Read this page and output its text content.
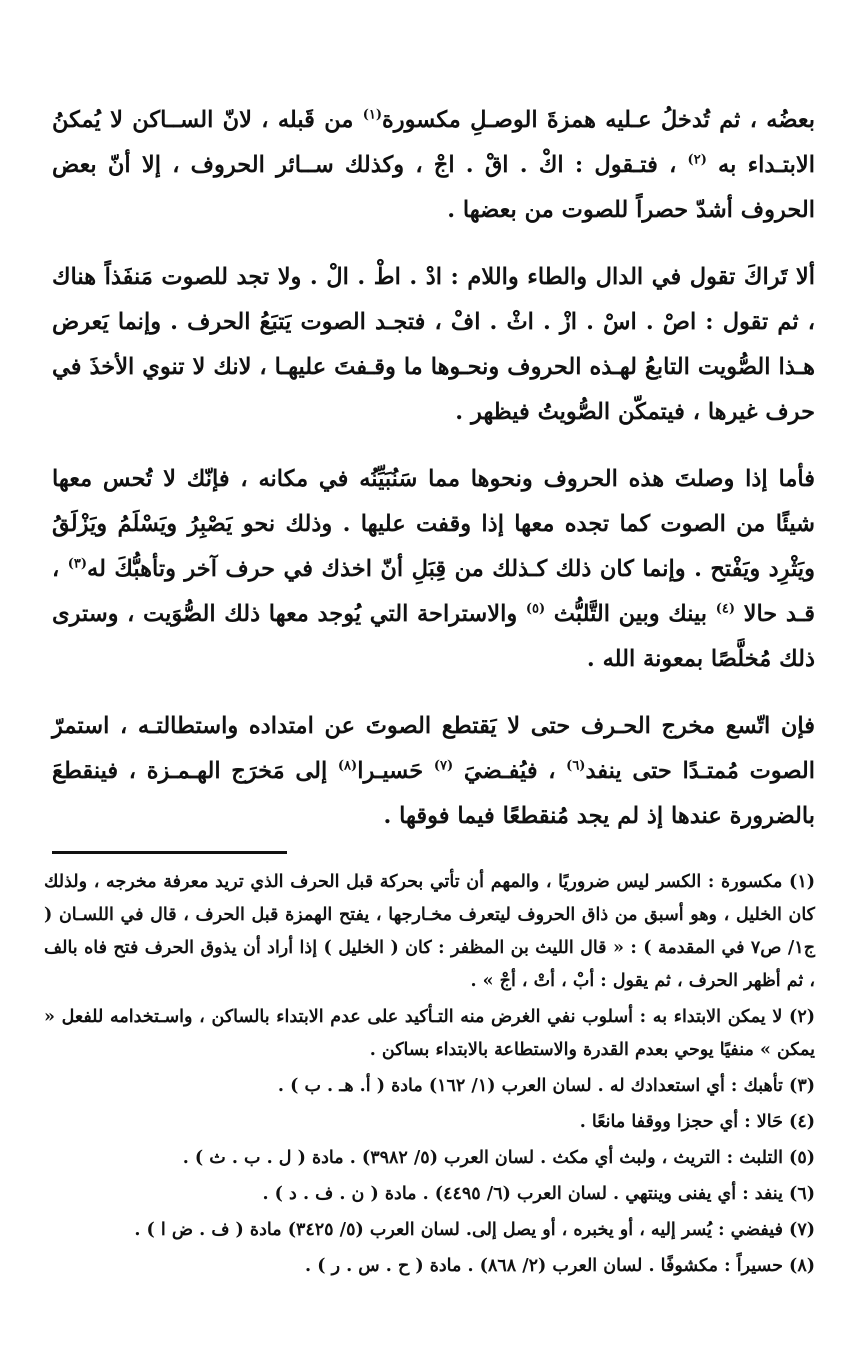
بعضُه ، ثم تُدخلُ عـليه همزةَ الوصـلِ مكسورة$^{(١)}$ من قَبله ، لانّ الســاكن لا يُمكنُ الابتـداء به $^{(٢)}$ ، فتـقول : اكْ . اقْ . اجْ ، وكذلك ســائر الحروف ، إلا أنّ بعض الحروف أشدّ حصراً للصوت من بعضها .

ألا تَراكَ تقول في الدال والطاء واللام : ادْ . اطْ . الْ . ولا تجد للصوت مَنفَذاً هناك ، ثم تقول : اصْ . اسْ . ازْ . اثْ . افْ ، فتجـد الصوت يَتبَعُ الحرف . وإنما يَعرض هـذا الصُّويت التابعُ لهـذه الحروف ونحـوها ما وقـفتَ عليهـا ، لانك لا تنوي الأخذَ في حرف غيرها ، فيتمكّن الصُّويتُ فيظهر .

فأما إذا وصلتَ هذه الحروف ونحوها مما سَنُبَيِّنُه في مكانه ، فإنّك لا تُحس معها شيئًا من الصوت كما تجده معها إذا وقفت عليها . وذلك نحو يَصْبِرُ ويَسْلَمُ ويَزْلَقُ ويَثْرِد ويَفْتح . وإنما كان ذلك كـذلك من قِبَلِ أنّ اخذك في حرف آخر وتأهبُّكَ له$^{(٣)}$ ، قـد حالا $^{(٤)}$ بينك وبين التَّلبُّث $^{(٥)}$ والاستراحة التي يُوجد معها ذلك الصُّوَيت ، وسترى ذلك مُخلَّصًا بمعونة الله .

فإن اتّسع مخرج الحـرف حتى لا يَقتطع الصوتَ عن امتداده واستطالتـه ، استمرّ الصوت مُمتـدًا حتى ينفد$^{(٦)}$ ، فيُفـضيَ $^{(٧)}$ حَسيـرا$^{(٨)}$ إلى مَخرَج الهـمـزة ، فينقطعَ بالضرورة عندها إذ لم يجد مُنقطعًا فيما فوقها .

(١) مكسورة : الكسر ليس ضروريًا ، والمهم أن تأتي بحركة قبل الحرف الذي تريد معرفة مخرجه ، ولذلك كان الخليل ، وهو أسبق من ذاق الحروف ليتعرف مخـارجها ، يفتح الهمزة قبل الحرف ، قال في اللسـان ( ج١/ ص٧ في المقدمة ) : « قال الليث بن المظفر : كان ( الخليل ) إذا أراد أن يذوق الحرف فتح فاه بالف ، ثم أظهر الحرف ، ثم يقول : أبْ ، أتْ ، أجْ » .

(٢) لا يمكن الابتداء به : أسلوب نفي الغرض منه التـأكيد على عدم الابتداء بالساكن ، واسـتخدامه للفعل « يمكن » منفيًا يوحي بعدم القدرة والاستطاعة بالابتداء بساكن .

(٣) تأهبك : أي استعدادك له . لسان العرب (١/ ١٦٢) مادة ( أ. هـ . ب ) .

(٤) حَالا : أي حجزا ووقفا مانعًا .

(٥) التلبث : التريث ، ولبث أي مكث . لسان العرب (٥/ ٣٩٨٢) . مادة ( ل . ب . ث ) .

(٦) ينفد : أي يفنى وينتهي . لسان العرب (٦/ ٤٤٩٥) . مادة ( ن . ف . د ) .

(٧) فيفضي : يُسر إليه ، أو يخبره ، أو يصل إلى. لسان العرب (٥/ ٣٤٢٥) مادة ( ف . ض ا ) .

(٨) حسيراً : مكشوفًا . لسان العرب (٢/ ٨٦٨) . مادة ( ح . س . ر ) .
